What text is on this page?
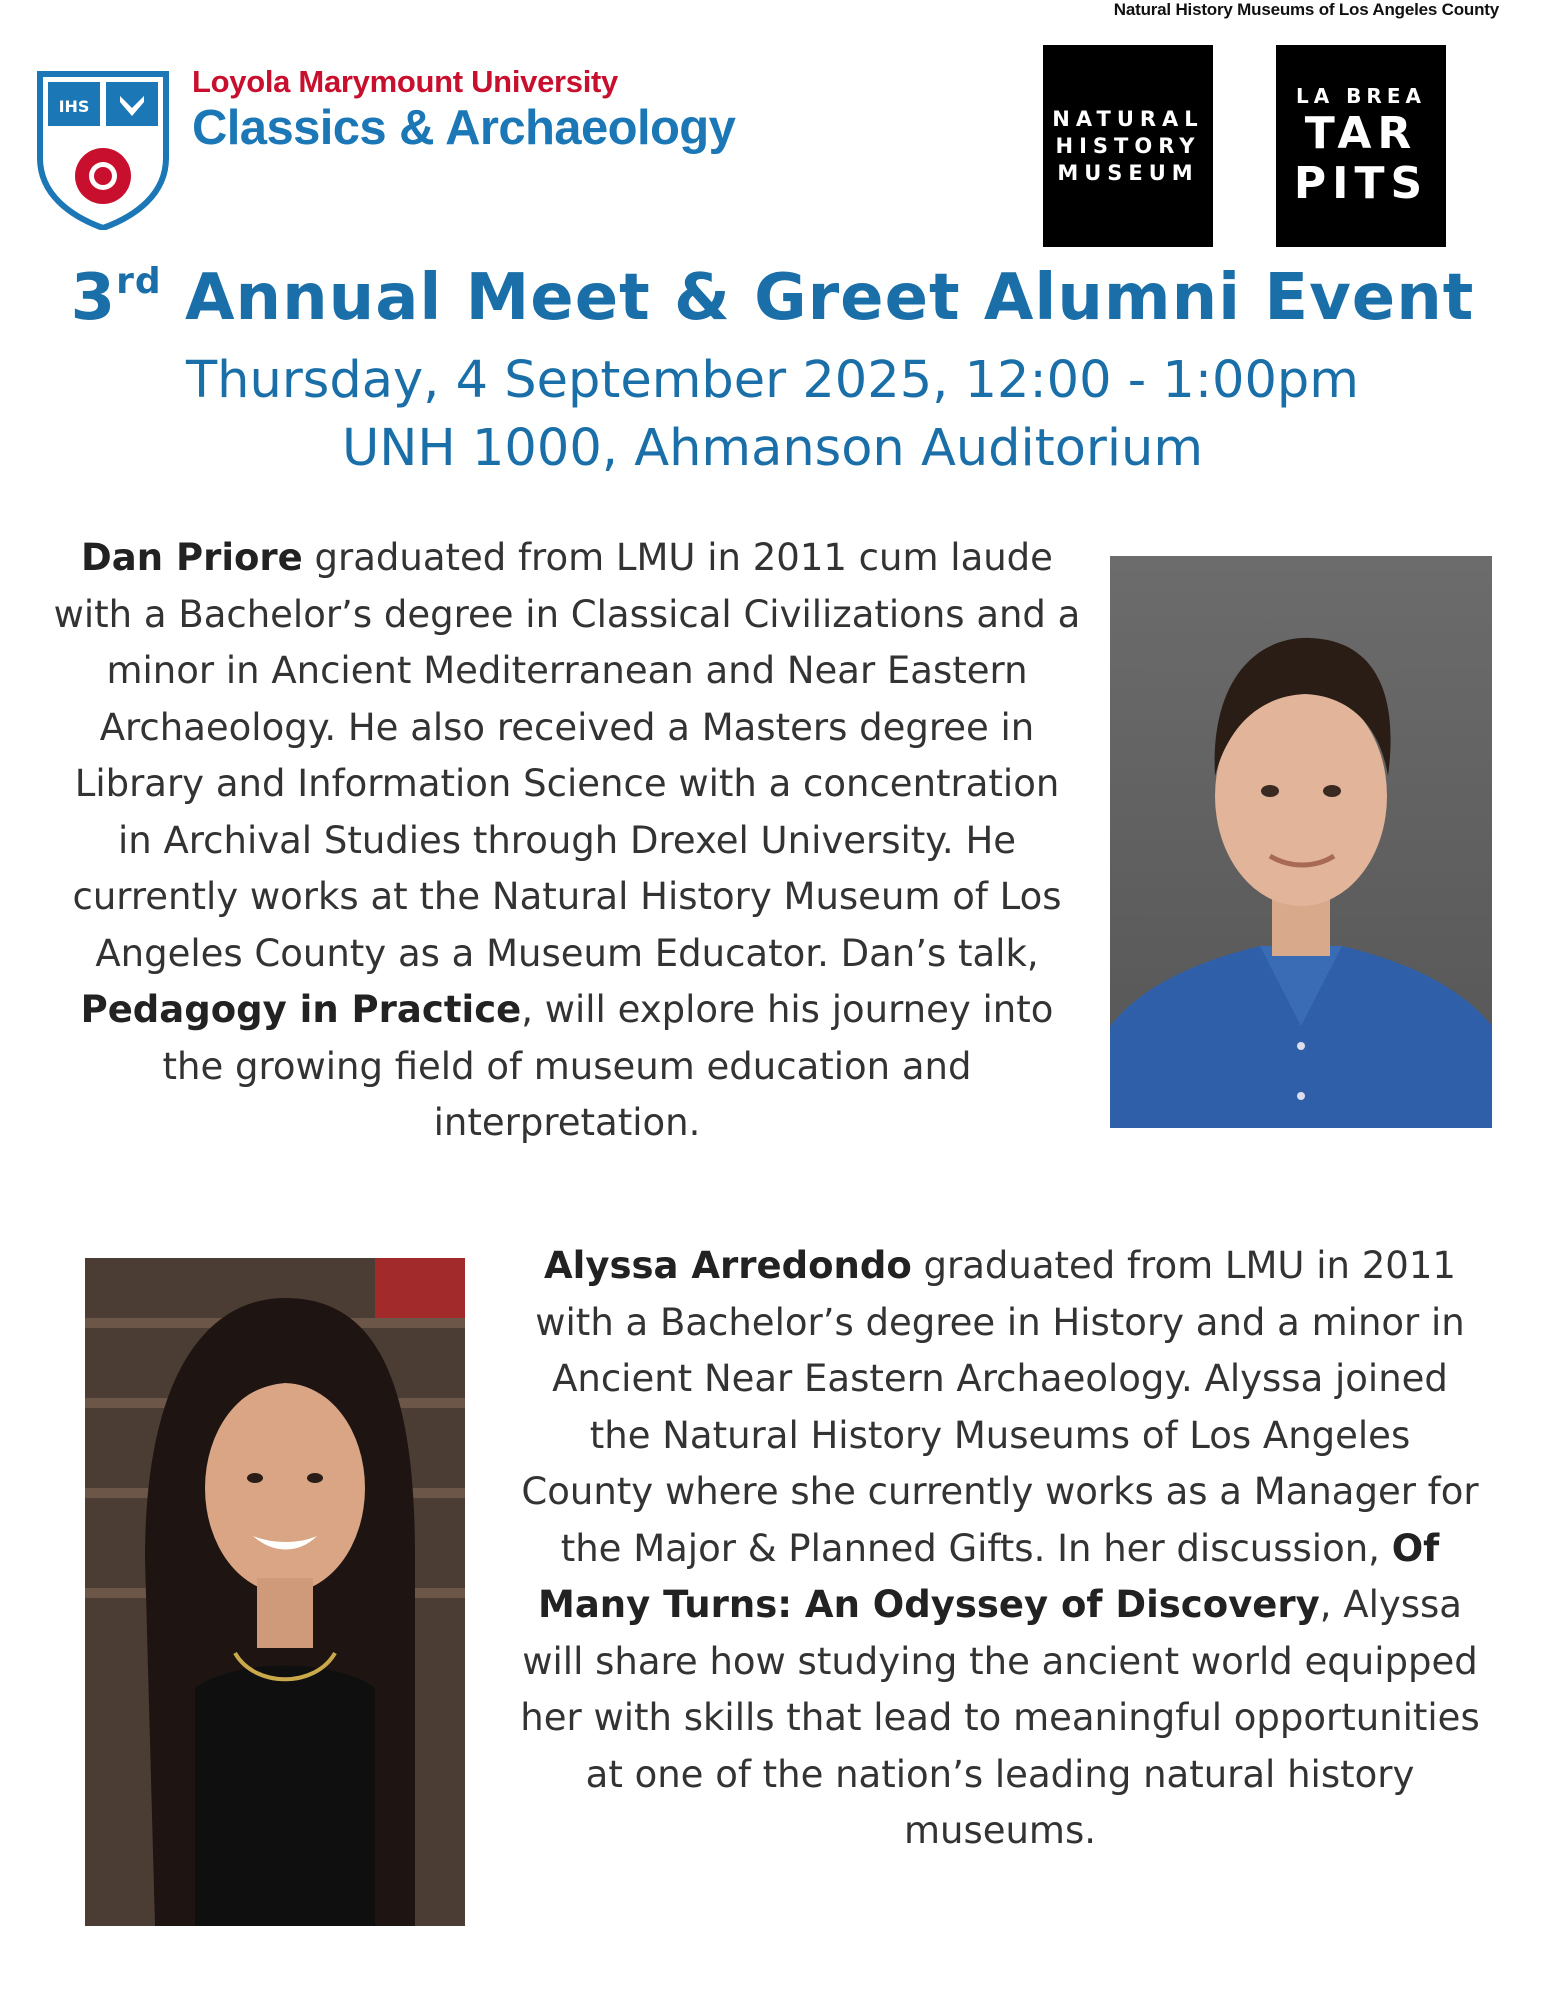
Natural History Museums of Los Angeles County
IHS
Loyola Marymount University
Classics & Archaeology	NATURAL
HISTORY
MUSEUM
LA BREA
TAR
PITS
3rd Annual Meet & Greet Alumni Event
Thursday, 4 September 2025, 12:00 - 1:00pm
UNH 1000, Ahmanson Auditorium
Dan Priore graduated from LMU in 2011 cum laude with a Bachelor’s degree in Classical Civilizations and a minor in Ancient Mediterranean and Near Eastern Archaeology. He also received a Masters degree in Library and Information Science with a concentration in Archival Studies through Drexel University. He currently works at the Natural History Museum of Los Angeles County as a Museum Educator. Dan’s talk, Pedagogy in Practice, will explore his journey into the growing field of museum education and interpretation.
Alyssa Arredondo graduated from LMU in 2011 with a Bachelor’s degree in History and a minor in Ancient Near Eastern Archaeology. Alyssa joined the Natural History Museums of Los Angeles County where she currently works as a Manager for the Major & Planned Gifts. In her discussion, Of Many Turns: An Odyssey of Discovery, Alyssa will share how studying the ancient world equipped her with skills that lead to meaningful opportunities at one of the nation’s leading natural history museums.
